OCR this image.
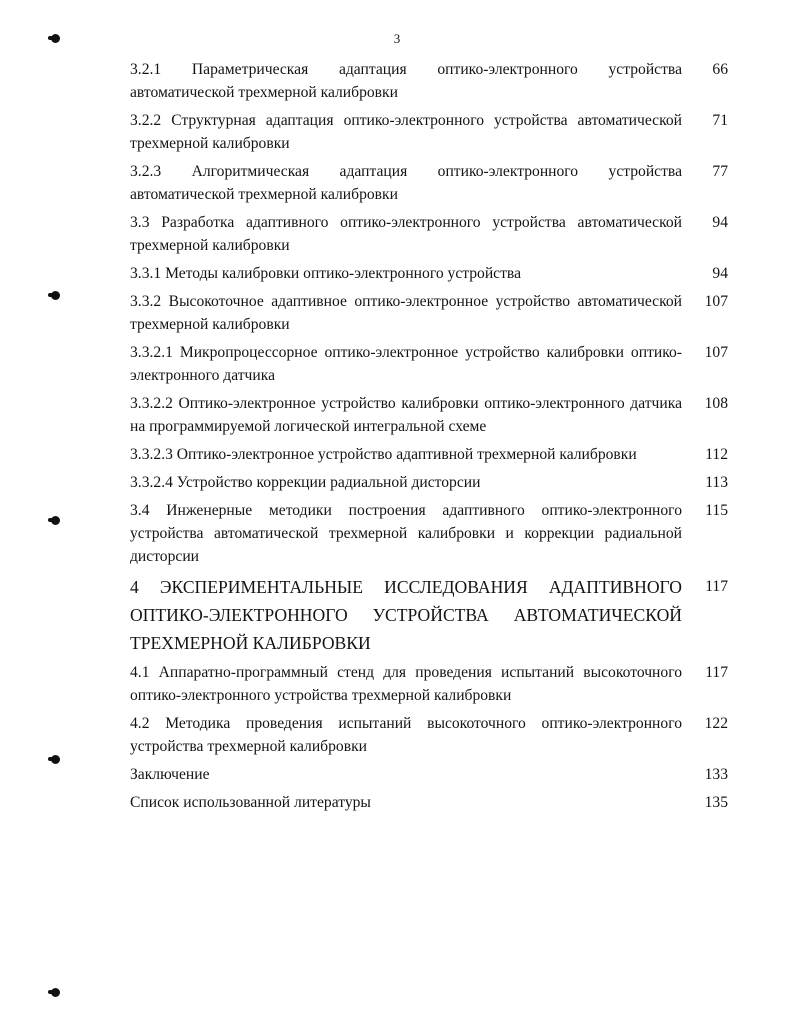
3
3.2.1 Параметрическая адаптация оптико-электронного устройства автоматической трехмерной калибровки
66
3.2.2 Структурная адаптация оптико-электронного устройства автоматической трехмерной калибровки
71
3.2.3 Алгоритмическая адаптация оптико-электронного устройства автоматической трехмерной калибровки
77
3.3 Разработка адаптивного оптико-электронного устройства автоматической трехмерной калибровки
94
3.3.1 Методы калибровки оптико-электронного устройства	94
3.3.2 Высокоточное адаптивное оптико-электронное устройство автоматической трехмерной калибровки
107
3.3.2.1 Микропроцессорное оптико-электронное устройство калибровки оптико-электронного датчика
107
3.3.2.2 Оптико-электронное устройство калибровки оптико-электронного датчика на программируемой логической интегральной схеме
108
3.3.2.3 Оптико-электронное устройство адаптивной трехмерной калибровки	112
3.3.2.4 Устройство коррекции радиальной дисторсии	113
3.4 Инженерные методики построения адаптивного оптико-электронного устройства автоматической трехмерной калибровки и коррекции радиальной дисторсии
115
4 ЭКСПЕРИМЕНТАЛЬНЫЕ ИССЛЕДОВАНИЯ АДАПТИВНОГО ОПТИКО-ЭЛЕКТРОННОГО УСТРОЙСТВА АВТОМАТИЧЕСКОЙ ТРЕХМЕРНОЙ КАЛИБРОВКИ
117
4.1 Аппаратно-программный стенд для проведения испытаний высокоточного оптико-электронного устройства трехмерной калибровки
117
4.2 Методика проведения испытаний высокоточного оптико-электронного устройства трехмерной калибровки
122
Заключение	133
Список использованной литературы	135
